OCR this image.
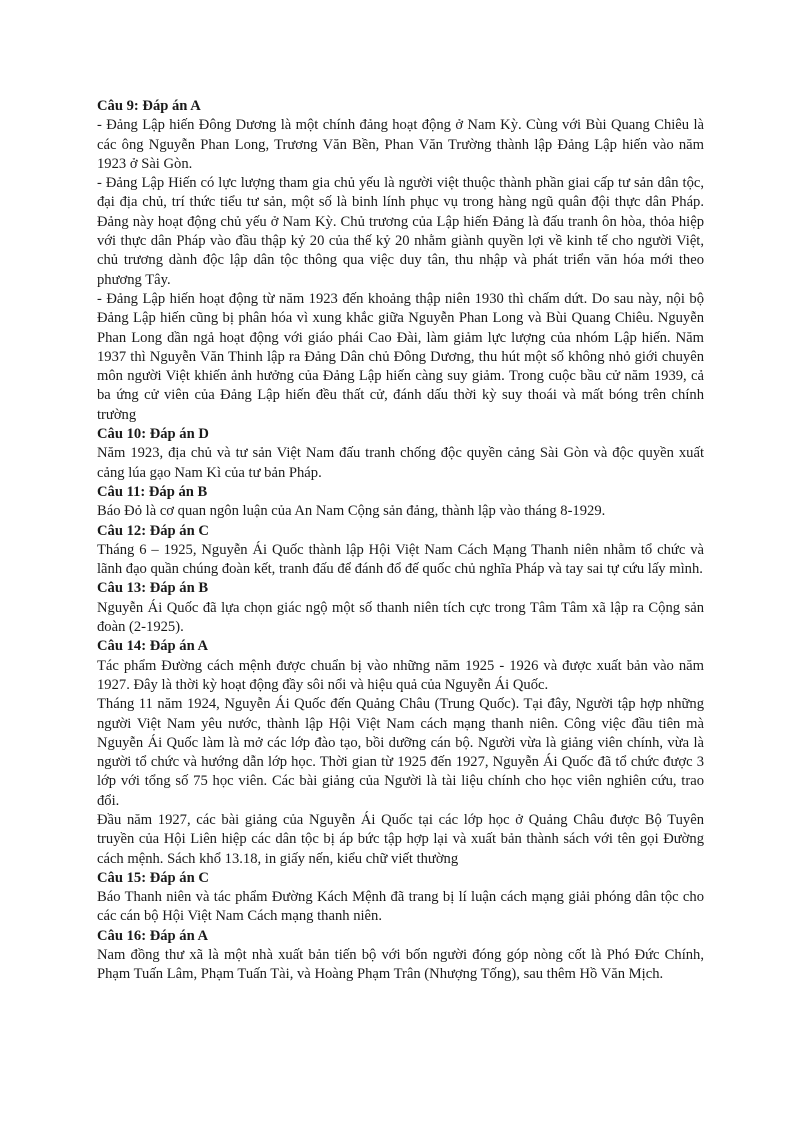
Câu 9: Đáp án A

- Đảng Lập hiến Đông Dương là một chính đảng hoạt động ở Nam Kỳ. Cùng với Bùi Quang Chiêu là các ông Nguyễn Phan Long, Trương Văn Bền, Phan Văn Trường thành lập Đảng Lập hiến vào năm 1923 ở Sài Gòn.

- Đảng Lập Hiến có lực lượng tham gia chủ yếu là người việt thuộc thành phần giai cấp tư sản dân tộc, đại địa chủ, trí thức tiểu tư sản, một số là binh lính phục vụ trong hàng ngũ quân đội thực dân Pháp. Đảng này hoạt động chủ yếu ở Nam Kỳ. Chủ trương của Lập hiến Đảng là đấu tranh ôn hòa, thỏa hiệp với thực dân Pháp vào đầu thập kỷ 20 của thế kỷ 20 nhằm giành quyền lợi về kinh tế cho người Việt, chủ trương dành độc lập dân tộc thông qua việc duy tân, thu nhập và phát triển văn hóa mới theo phương Tây.

- Đảng Lập hiến hoạt động từ năm 1923 đến khoảng thập niên 1930 thì chấm dứt. Do sau này, nội bộ Đảng Lập hiến cũng bị phân hóa vì xung khắc giữa Nguyễn Phan Long và Bùi Quang Chiêu. Nguyễn Phan Long dần ngả hoạt động với giáo phái Cao Đài, làm giảm lực lượng của nhóm Lập hiến. Năm 1937 thì Nguyễn Văn Thinh lập ra Đảng Dân chủ Đông Dương, thu hút một số không nhỏ giới chuyên môn người Việt khiến ảnh hưởng của Đảng Lập hiến càng suy giảm. Trong cuộc bầu cử năm 1939, cả ba ứng cử viên của Đảng Lập hiến đều thất cử, đánh dấu thời kỳ suy thoái và mất bóng trên chính trường

Câu 10: Đáp án D

Năm 1923, địa chủ và tư sản Việt Nam đấu tranh chống độc quyền cảng Sài Gòn và độc quyền xuất cảng lúa gạo Nam Kì của tư bản Pháp.

Câu 11: Đáp án B

Báo Đỏ là cơ quan ngôn luận của An Nam Cộng sản đảng, thành lập vào tháng 8-1929.

Câu 12: Đáp án C

Tháng 6 – 1925, Nguyễn Ái Quốc thành lập Hội Việt Nam Cách Mạng Thanh niên nhằm tổ chức và lãnh đạo quần chúng đoàn kết, tranh đấu để đánh đổ đế quốc chủ nghĩa Pháp và tay sai tự cứu lấy mình.

Câu 13: Đáp án B

Nguyễn Ái Quốc đã lựa chọn giác ngộ một số thanh niên tích cực trong Tâm Tâm xã lập ra Cộng sản đoàn (2-1925).

Câu 14: Đáp án A

Tác phẩm Đường cách mệnh được chuẩn bị vào những năm 1925 - 1926 và được xuất bản vào năm 1927. Đây là thời kỳ hoạt động đầy sôi nổi và hiệu quả của Nguyễn Ái Quốc.

Tháng 11 năm 1924, Nguyễn Ái Quốc đến Quảng Châu (Trung Quốc). Tại đây, Người tập hợp những người Việt Nam yêu nước, thành lập Hội Việt Nam cách mạng thanh niên. Công việc đầu tiên mà Nguyễn Ái Quốc làm là mở các lớp đào tạo, bồi dưỡng cán bộ. Người vừa là giảng viên chính, vừa là người tổ chức và hướng dẫn lớp học. Thời gian từ 1925 đến 1927, Nguyễn Ái Quốc đã tổ chức được 3 lớp với tổng số 75 học viên. Các bài giảng của Người là tài liệu chính cho học viên nghiên cứu, trao đổi.

Đầu năm 1927, các bài giảng của Nguyễn Ái Quốc tại các lớp học ở Quảng Châu được Bộ Tuyên truyền của Hội Liên hiệp các dân tộc bị áp bức tập hợp lại và xuất bản thành sách với tên gọi Đường cách mệnh. Sách khổ 13.18, in giấy nến, kiểu chữ viết thường

Câu 15: Đáp án C

Báo Thanh niên và tác phẩm Đường Kách Mệnh đã trang bị lí luận cách mạng giải phóng dân tộc cho các cán bộ Hội Việt Nam Cách mạng thanh niên.

Câu 16: Đáp án A

Nam đồng thư xã là một nhà xuất bản tiến bộ với bốn người đóng góp nòng cốt là Phó Đức Chính, Phạm Tuấn Lâm, Phạm Tuấn Tài, và Hoàng Phạm Trân (Nhượng Tống), sau thêm Hồ Văn Mịch.
